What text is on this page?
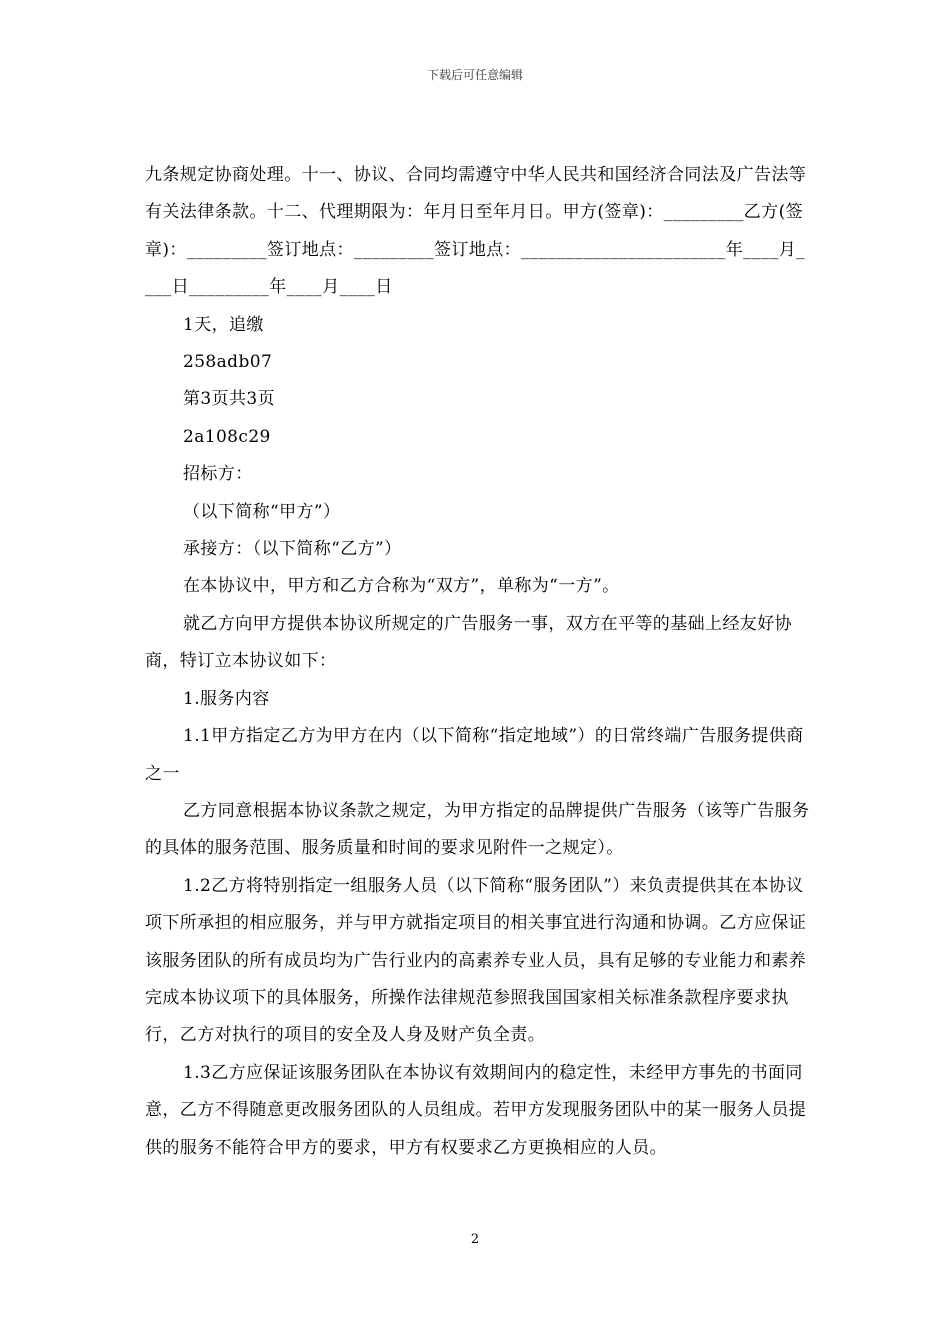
下载后可任意编辑

九条规定协商处理。十一、协议、合同均需遵守中华人民共和国经济合同法及广告法等有关法律条款。十二、代理期限为：年月日至年月日。甲方(签章)：_________乙方(签章)：_________签订地点：_________签订地点：_______________________年____月____日_________年____月____日

1天，追缴

258adb07

第3页共3页

2a108c29

招标方：

（以下简称“甲方”）

承接方：（以下简称“乙方”）

在本协议中，甲方和乙方合称为“双方”，单称为“一方”。

就乙方向甲方提供本协议所规定的广告服务一事，双方在平等的基础上经友好协商，特订立本协议如下：

1.服务内容

1.1甲方指定乙方为甲方在内（以下简称“指定地域”）的日常终端广告服务提供商之一

乙方同意根据本协议条款之规定，为甲方指定的品牌提供广告服务（该等广告服务的具体的服务范围、服务质量和时间的要求见附件一之规定）。

1.2乙方将特别指定一组服务人员（以下简称“服务团队”）来负责提供其在本协议项下所承担的相应服务，并与甲方就指定项目的相关事宜进行沟通和协调。乙方应保证该服务团队的所有成员均为广告行业内的高素养专业人员，具有足够的专业能力和素养完成本协议项下的具体服务，所操作法律规范参照我国国家相关标准条款程序要求执行，乙方对执行的项目的安全及人身及财产负全责。

1.3乙方应保证该服务团队在本协议有效期间内的稳定性，未经甲方事先的书面同意，乙方不得随意更改服务团队的人员组成。若甲方发现服务团队中的某一服务人员提供的服务不能符合甲方的要求，甲方有权要求乙方更换相应的人员。

2
